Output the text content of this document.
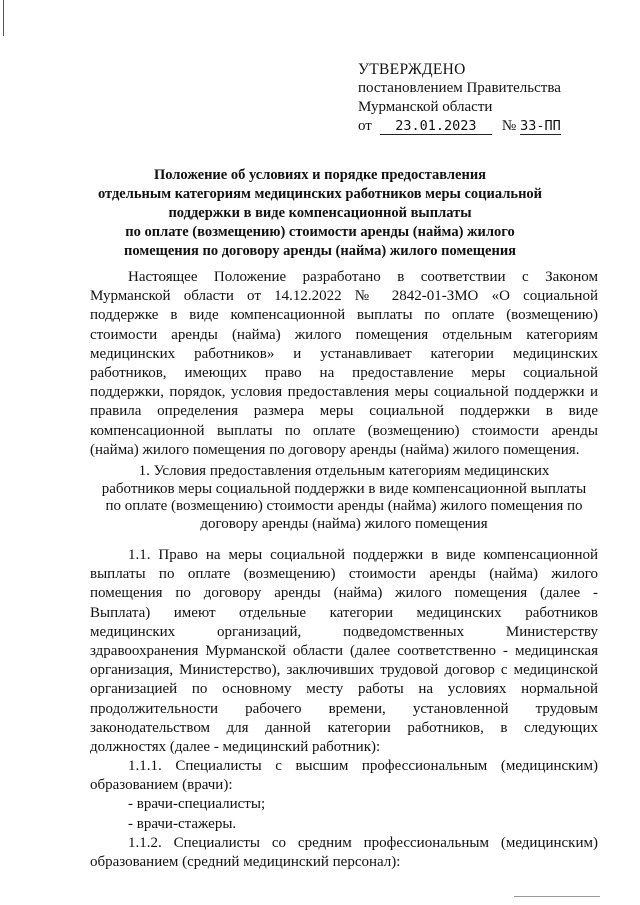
УТВЕРЖДЕНО
постановлением Правительства
Мурманской области
от	23.01.2023	№ 33-ПП
Положение об условиях и порядке предоставления
отдельным категориям медицинских работников меры социальной
поддержки в виде компенсационной выплаты
по оплате (возмещению) стоимости аренды (найма) жилого
помещения по договору аренды (найма) жилого помещения
Настоящее Положение разработано в соответствии с Законом
Мурманской области от 14.12.2022 № 2842-01-ЗМО «О социальной
поддержке в виде компенсационной выплаты по оплате (возмещению)
стоимости аренды (найма) жилого помещения отдельным категориям
медицинских работников» и устанавливает категории медицинских
работников, имеющих право на предоставление меры социальной
поддержки, порядок, условия предоставления меры социальной поддержки и
правила определения размера меры социальной поддержки в виде
компенсационной выплаты по оплате (возмещению) стоимости аренды
(найма) жилого помещения по договору аренды (найма) жилого помещения.
1. Условия предоставления отдельным категориям медицинских
работников меры социальной поддержки в виде компенсационной выплаты
по оплате (возмещению) стоимости аренды (найма) жилого помещения по
договору аренды (найма) жилого помещения
1.1. Право на меры социальной поддержки в виде компенсационной
выплаты по оплате (возмещению) стоимости аренды (найма) жилого
помещения по договору аренды (найма) жилого помещения (далее -
Выплата) имеют отдельные категории медицинских работников
медицинских организаций, подведомственных Министерству
здравоохранения Мурманской области (далее соответственно - медицинская
организация, Министерство), заключивших трудовой договор с медицинской
организацией по основному месту работы на условиях нормальной
продолжительности рабочего времени, установленной трудовым
законодательством для данной категории работников, в следующих
должностях (далее - медицинский работник):
1.1.1. Специалисты с высшим профессиональным (медицинским)
образованием (врачи):
- врачи-специалисты;
- врачи-стажеры.
1.1.2. Специалисты со средним профессиональным (медицинским)
образованием (средний медицинский персонал):
